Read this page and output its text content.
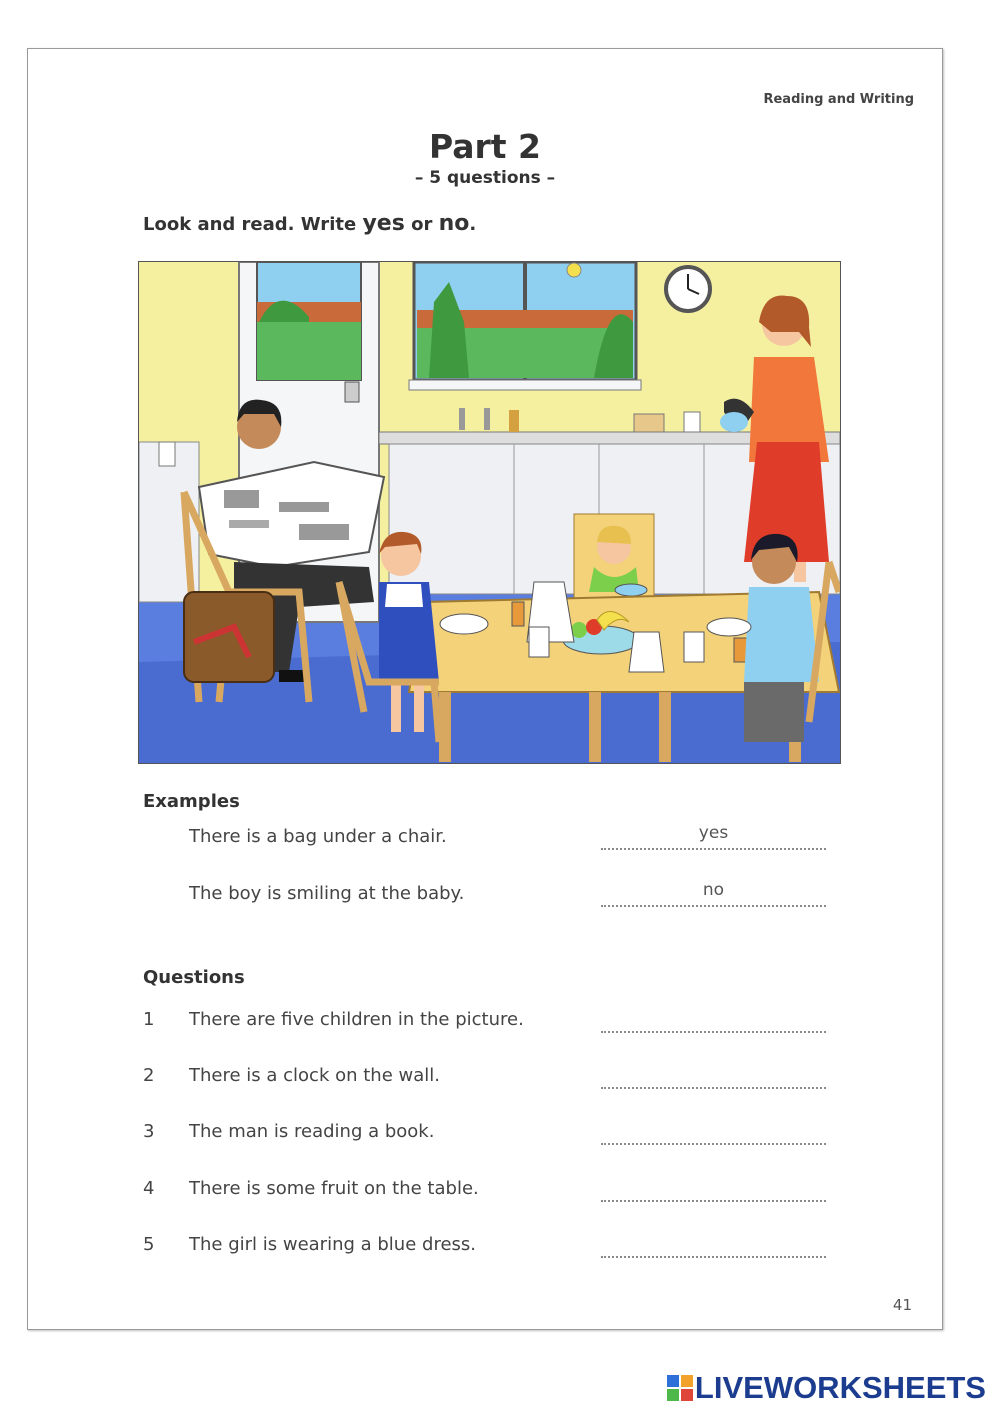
Reading and Writing
Part 2
– 5 questions –
Look and read. Write yes or no.
Examples
There is a bag under a chair.	yes
The boy is smiling at the baby.	no
Questions
1 There are five children in the picture.
2 There is a clock on the wall.
3 The man is reading a book.
4 There is some fruit on the table.
5 The girl is wearing a blue dress.
41
LIVEWORKSHEETS
